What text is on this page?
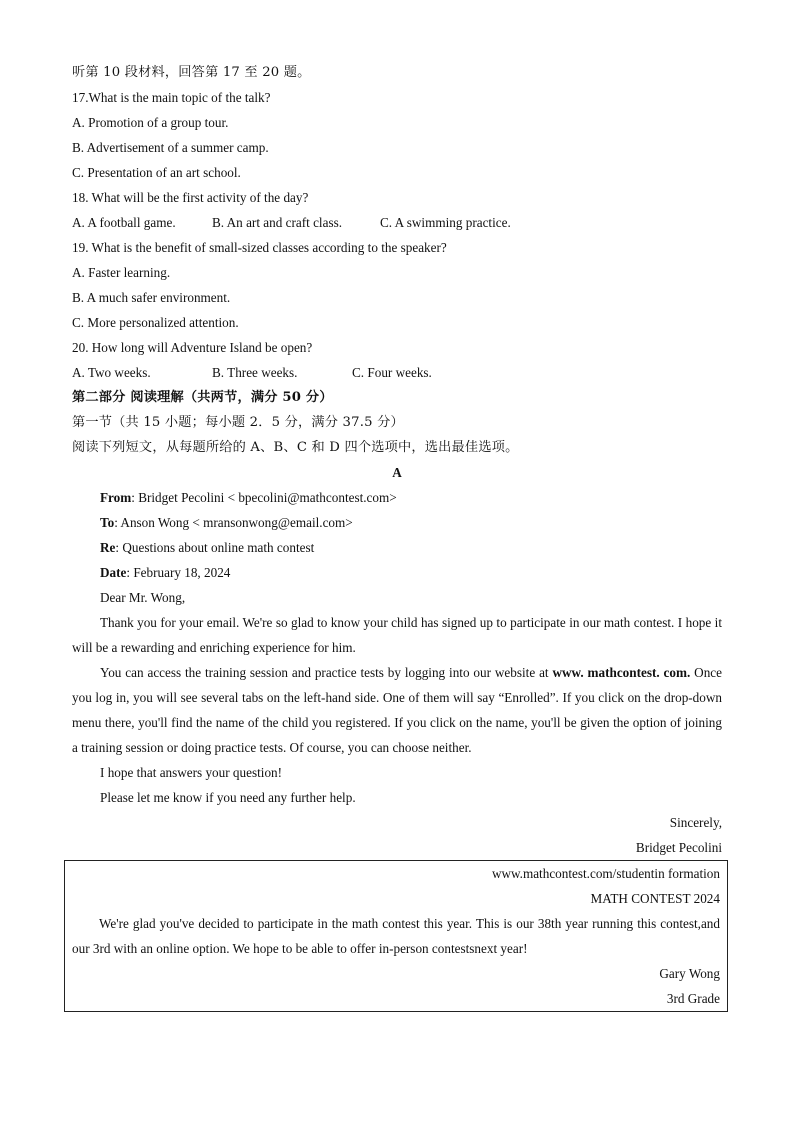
听第 10 段材料，回答第 17 至 20 题。
17.What is the main topic of the talk?
A. Promotion of a group tour.
B. Advertisement of a summer camp.
C. Presentation of an art school.
18. What will be the first activity of the day?
A. A football game.	B. An art and craft class.	C. A swimming practice.
19. What is the benefit of small-sized classes according to the speaker?
A. Faster learning.
B. A much safer environment.
C. More personalized attention.
20. How long will Adventure Island be open?
A. Two weeks.	B. Three weeks.	C. Four weeks.
第二部分 阅读理解（共两节，满分 50 分）
第一节（共 15 小题；每小题 2．5 分，满分 37.5 分）
阅读下列短文，从每题所给的 A、B、C 和 D 四个选项中，选出最佳选项。
A
From: Bridget Pecolini < bpecolini@mathcontest.com>
To: Anson Wong < mransonwong@email.com>
Re: Questions about online math contest
Date: February 18, 2024
Dear Mr. Wong,
Thank you for your email. We're so glad to know your child has signed up to participate in our math contest. I hope it will be a rewarding and enriching experience for him.
You can access the training session and practice tests by logging into our website at www. mathcontest. com. Once you log in, you will see several tabs on the left-hand side. One of them will say “Enrolled”. If you click on the drop-down menu there, you'll find the name of the child you registered. If you click on the name, you'll be given the option of joining a training session or doing practice tests. Of course, you can choose neither.
I hope that answers your question!
Please let me know if you need any further help.
Sincerely,
Bridget Pecolini
www.mathcontest.com/studentin formation
MATH CONTEST 2024
We're glad you've decided to participate in the math contest this year. This is our 38th year running this contest,and our 3rd with an online option. We hope to be able to offer in-person contestsnext year!
Gary Wong
3rd Grade
